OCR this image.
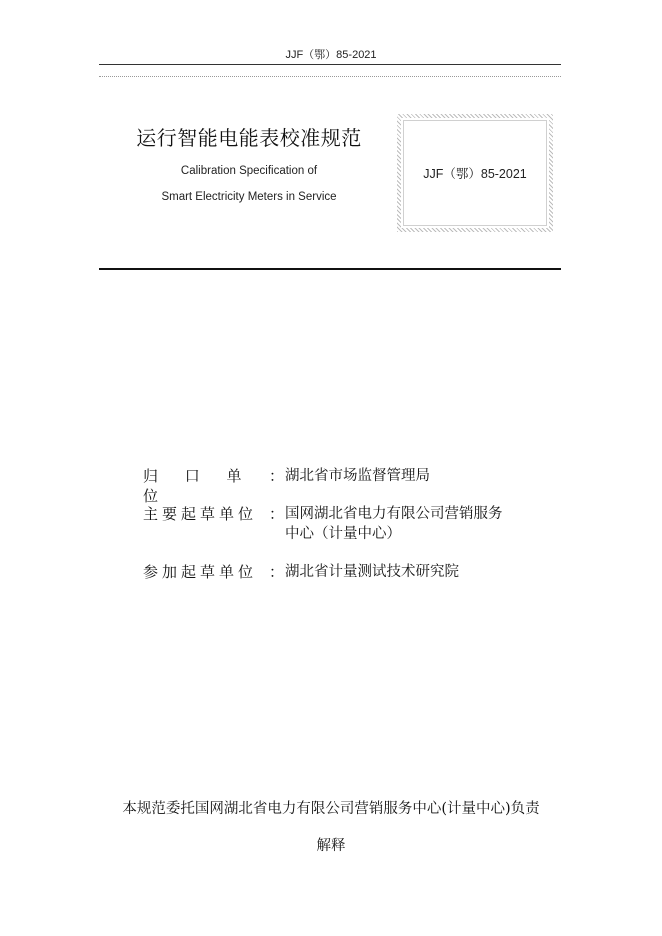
JJF（鄂）85-2021
运行智能电能表校准规范
Calibration Specification of
Smart Electricity Meters in Service
JJF（鄂）85-2021
归 口 单 位
： 湖北省市场监督管理局
主要起草单位 ： 国网湖北省电力有限公司营销服务
中心（计量中心）
参加起草单位 ： 湖北省计量测试技术研究院
本规范委托国网湖北省电力有限公司营销服务中心(计量中心)负责
解释
